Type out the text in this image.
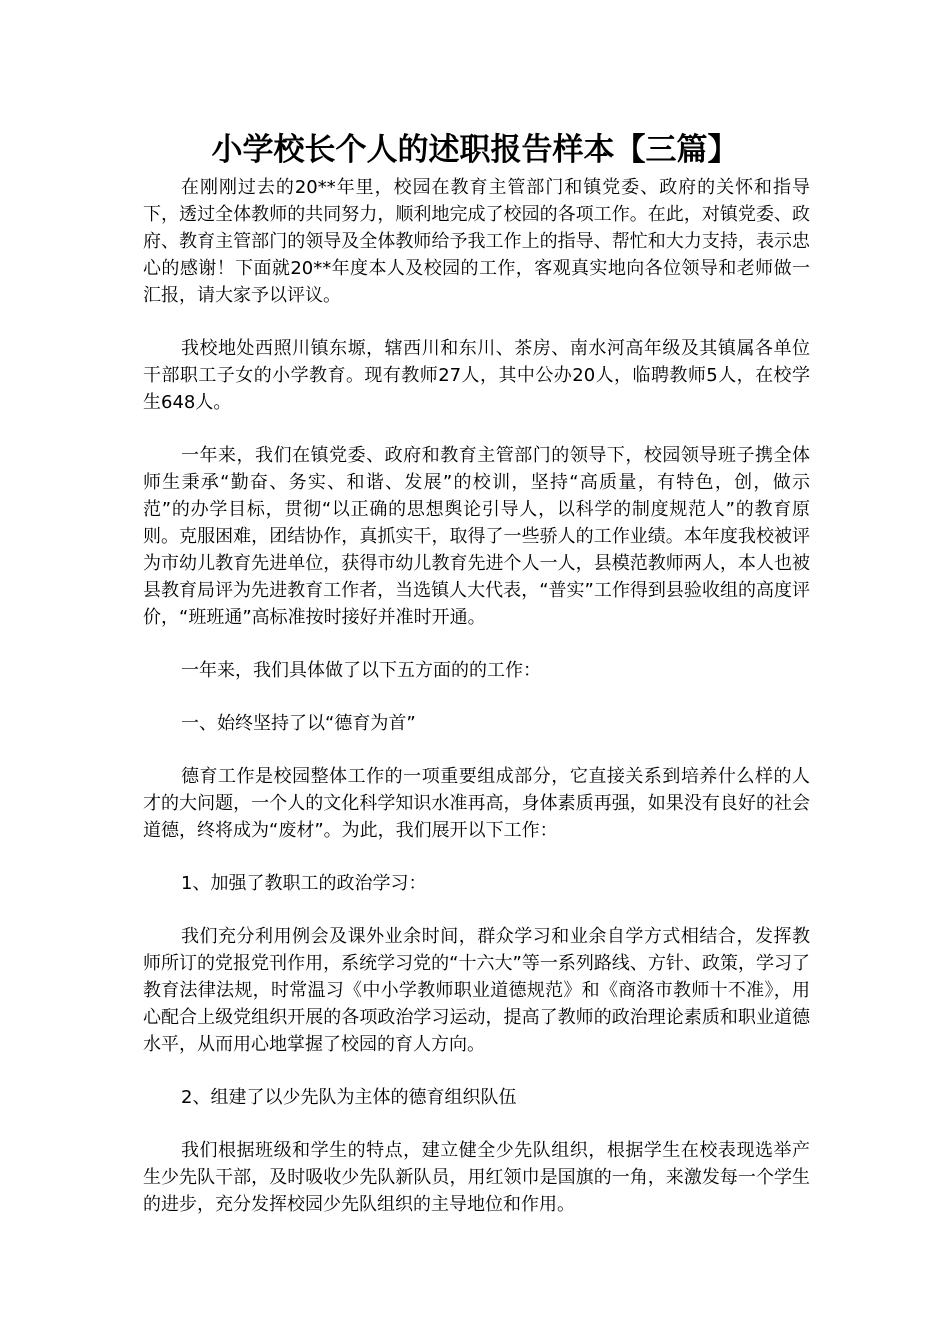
小学校长个人的述职报告样本【三篇】

在刚刚过去的20**年里，校园在教育主管部门和镇党委、政府的关怀和指导下，透过全体教师的共同努力，顺利地完成了校园的各项工作。在此，对镇党委、政府、教育主管部门的领导及全体教师给予我工作上的指导、帮忙和大力支持，表示忠心的感谢！下面就20**年度本人及校园的工作，客观真实地向各位领导和老师做一汇报，请大家予以评议。

我校地处西照川镇东塬，辖西川和东川、茶房、南水河高年级及其镇属各单位干部职工子女的小学教育。现有教师27人，其中公办20人，临聘教师5人，在校学生648人。

一年来，我们在镇党委、政府和教育主管部门的领导下，校园领导班子携全体师生秉承“勤奋、务实、和谐、发展”的校训，坚持“高质量，有特色，创，做示范”的办学目标，贯彻“以正确的思想舆论引导人，以科学的制度规范人”的教育原则。克服困难，团结协作，真抓实干，取得了一些骄人的工作业绩。本年度我校被评为市幼儿教育先进单位，获得市幼儿教育先进个人一人，县模范教师两人，本人也被县教育局评为先进教育工作者，当选镇人大代表，“普实”工作得到县验收组的高度评价，“班班通”高标准按时接好并准时开通。

一年来，我们具体做了以下五方面的的工作：

一、始终坚持了以“德育为首”

德育工作是校园整体工作的一项重要组成部分，它直接关系到培养什么样的人才的大问题，一个人的文化科学知识水准再高，身体素质再强，如果没有良好的社会道德，终将成为“废材”。为此，我们展开以下工作：

1、加强了教职工的政治学习：

我们充分利用例会及课外业余时间，群众学习和业余自学方式相结合，发挥教师所订的党报党刊作用，系统学习党的“十六大”等一系列路线、方针、政策，学习了教育法律法规，时常温习《中小学教师职业道德规范》和《商洛市教师十不准》，用心配合上级党组织开展的各项政治学习运动，提高了教师的政治理论素质和职业道德水平，从而用心地掌握了校园的育人方向。

2、组建了以少先队为主体的德育组织队伍

我们根据班级和学生的特点，建立健全少先队组织，根据学生在校表现选举产生少先队干部，及时吸收少先队新队员，用红领巾是国旗的一角，来激发每一个学生的进步，充分发挥校园少先队组织的主导地位和作用。
